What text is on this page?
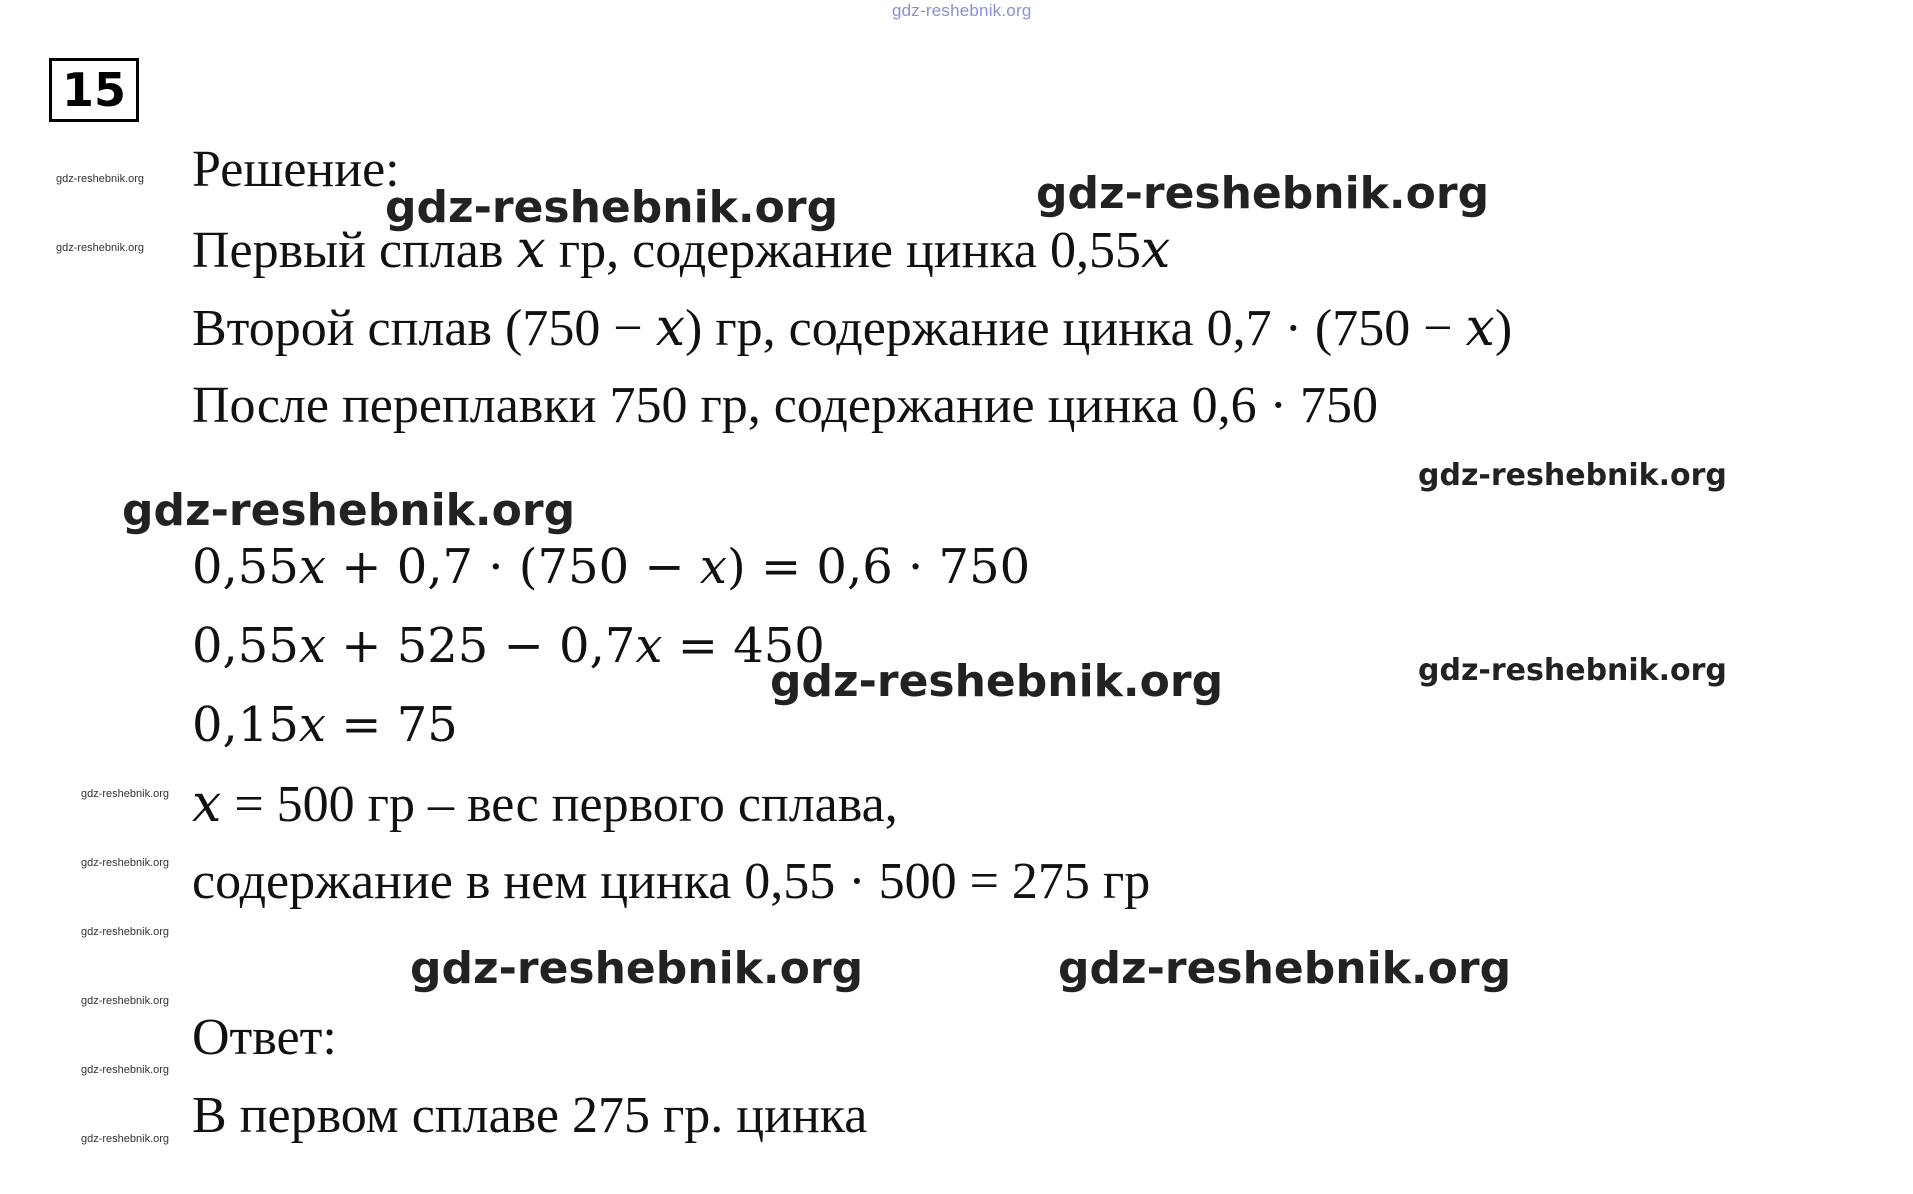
gdz-reshebnik.org
15
gdz-reshebnik.org
gdz-reshebnik.org
gdz-reshebnik.org
gdz-reshebnik.org
gdz-reshebnik.org
gdz-reshebnik.org
gdz-reshebnik.org
gdz-reshebnik.org
Решение:
Первый сплав x гр, содержание цинка 0,55x
Второй сплав (750 − x) гр, содержание цинка 0,7 · (750 − x)
После переплавки 750 гр, содержание цинка 0,6 · 750
0,55x + 0,7 · (750 − x) = 0,6 · 750
0,55x + 525 − 0,7x = 450
0,15x = 75
x = 500 гр – вес первого сплава,
содержание в нем цинка 0,55 · 500 = 275 гр
Ответ:
В первом сплаве 275 гр. цинка
gdz-reshebnik.org	gdz-reshebnik.org
gdz-reshebnik.org
gdz-reshebnik.org
gdz-reshebnik.org	gdz-reshebnik.org
gdz-reshebnik.org
gdz-reshebnik.org
